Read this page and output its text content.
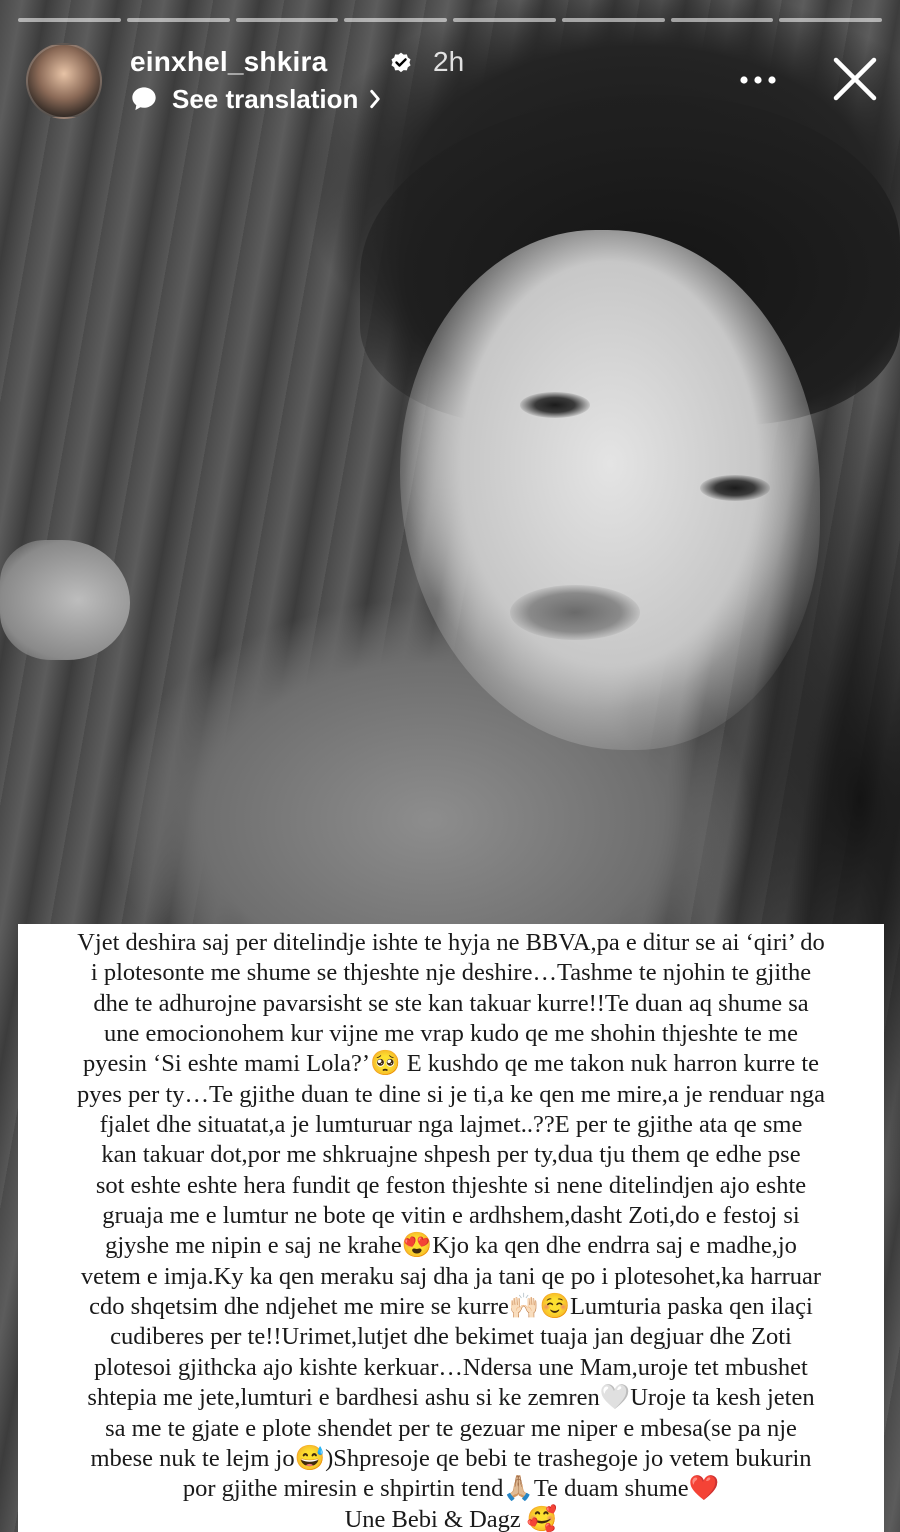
einxhel_shkira	2h
See translation
Vjet deshira saj per ditelindje ishte te hyja ne BBVA,pa e ditur se ai ‘qiri’ do
i plotesonte me shume se thjeshte nje deshire…Tashme te njohin te gjithe
dhe te adhurojne pavarsisht se ste kan takuar kurre!!Te duan aq shume sa
une emocionohem kur vijne me vrap kudo qe me shohin thjeshte te me
pyesin ‘Si eshte mami Lola?’🥺 E kushdo qe me takon nuk harron kurre te
pyes per ty…Te gjithe duan te dine si je ti,a ke qen me mire,a je renduar nga
fjalet dhe situatat,a je lumturuar nga lajmet..??E per te gjithe ata qe sme
kan takuar dot,por me shkruajne shpesh per ty,dua tju them qe edhe pse
sot eshte eshte hera fundit qe feston thjeshte si nene ditelindjen ajo eshte
gruaja me e lumtur ne bote qe vitin e ardhshem,dasht Zoti,do e festoj si
gjyshe me nipin e saj ne krahe😍Kjo ka qen dhe endrra saj e madhe,jo
vetem e imja.Ky ka qen meraku saj dha ja tani qe po i plotesohet,ka harruar
cdo shqetsim dhe ndjehet me mire se kurre🙌🏻☺️Lumturia paska qen ilaçi
cudiberes per te!!Urimet,lutjet dhe bekimet tuaja jan degjuar dhe Zoti
plotesoi gjithcka ajo kishte kerkuar…Ndersa une Mam,uroje tet mbushet
shtepia me jete,lumturi e bardhesi ashu si ke zemren🤍Uroje ta kesh jeten
sa me te gjate e plote shendet per te gezuar me niper e mbesa(se pa nje
mbese nuk te lejm jo😅)Shpresoje qe bebi te trashegoje jo vetem bukurin
por gjithe miresin e shpirtin tend🙏🏼Te duam shume❤️
Une Bebi & Dagz 🥰
